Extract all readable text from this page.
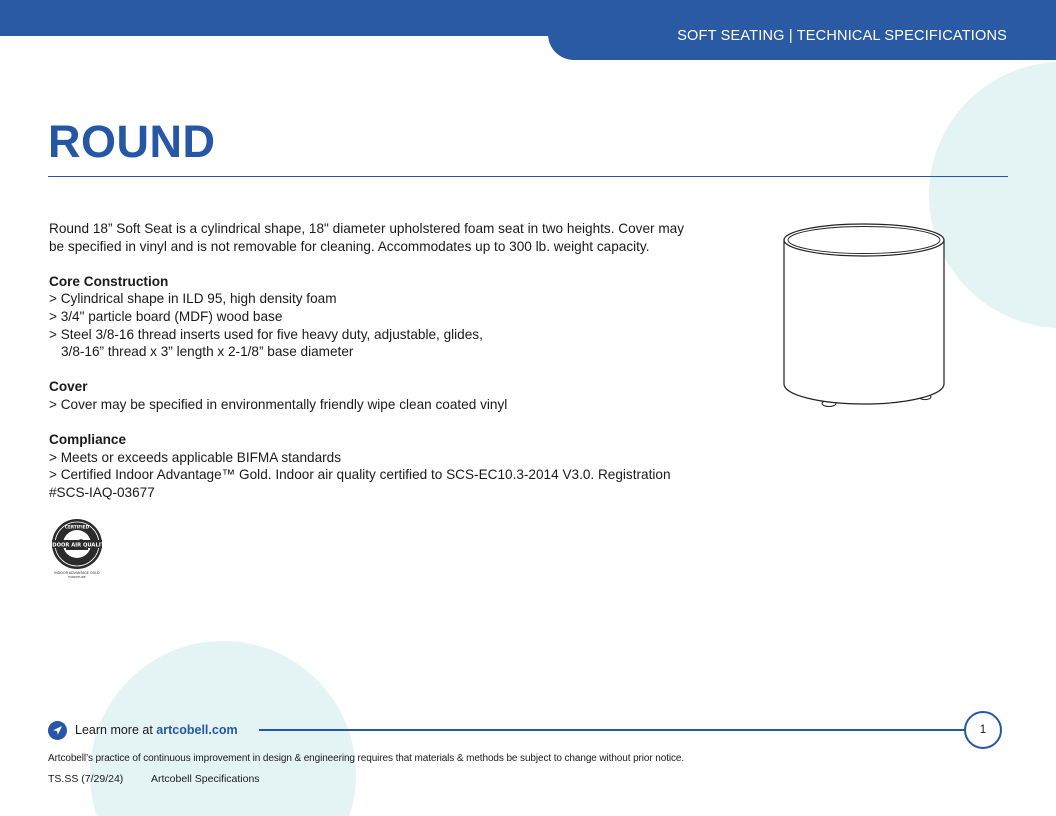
SOFT SEATING | TECHNICAL SPECIFICATIONS
ROUND

Round 18” Soft Seat is a cylindrical shape, 18" diameter upholstered foam seat in two heights. Cover may

be specified in vinyl and is not removable for cleaning. Accommodates up to 300 lb. weight capacity.

Core Construction

> Cylindrical shape in ILD 95, high density foam

> 3/4" particle board (MDF) wood base

> Steel 3/8-16 thread inserts used for five heavy duty, adjustable, glides,

3/8-16” thread x 3” length x 2-1/8” base diameter

Cover

> Cover may be specified in environmentally friendly wipe clean coated vinyl

Compliance

> Meets or exceeds applicable BIFMA standards

> Certified Indoor Advantage™ Gold. Indoor air quality certified to SCS-EC10.3-2014 V3.0. Registration

#SCS-IAQ-03677

INDOOR AIR QUALITY
CERTIFIED
INDOOR ADVANTAGE GOLD
FURNITURE
Learn more at artcobell.com	1
Artcobell’s practice of continuous improvement in design & engineering requires that materials & methods be subject to change without prior notice.
TS.SS (7/29/24)	Artcobell Specifications
